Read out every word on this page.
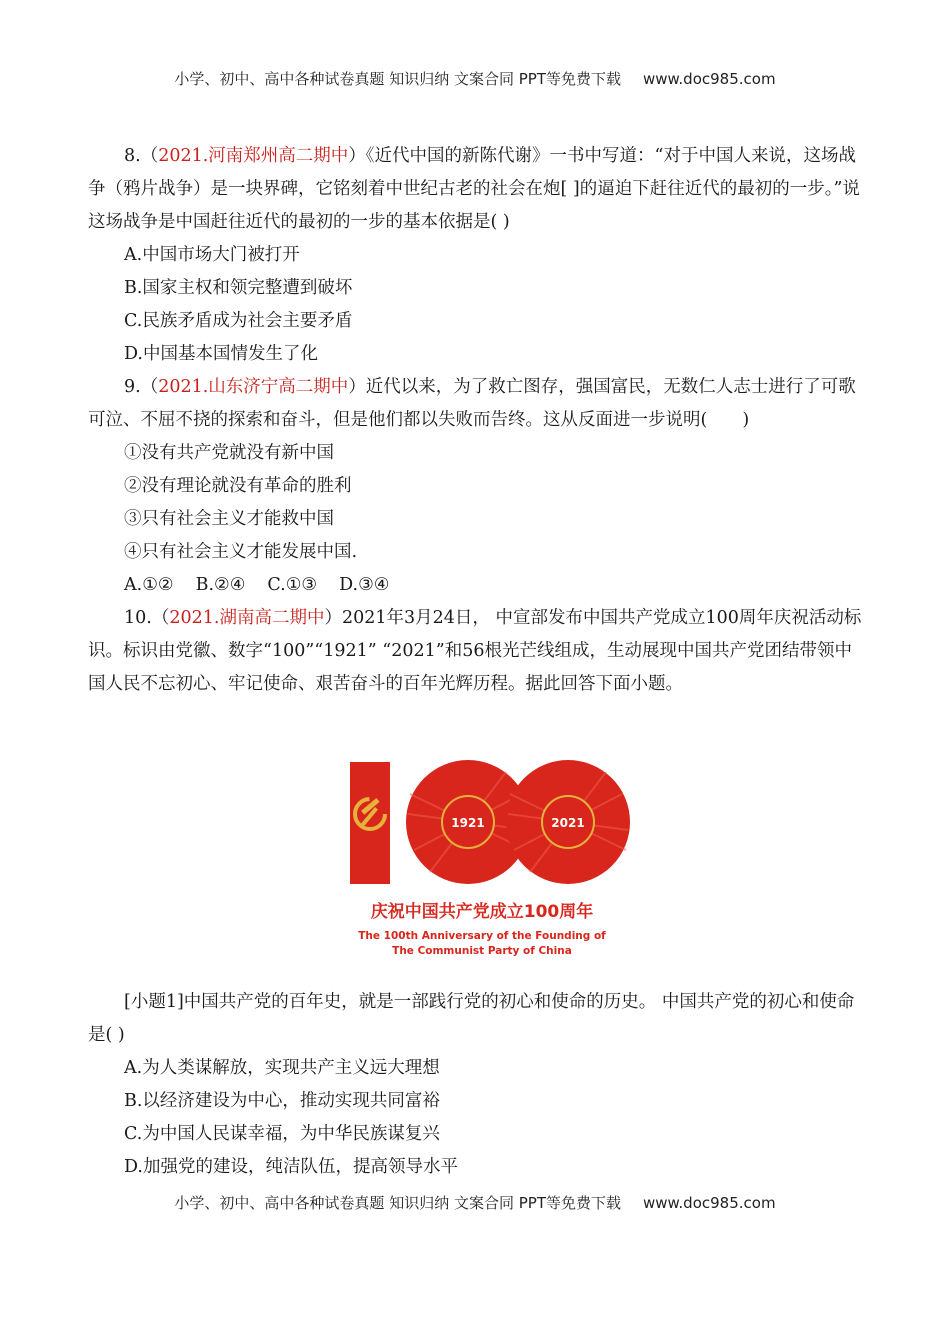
小学、初中、高中各种试卷真题 知识归纳 文案合同 PPT等免费下载 www.doc985.com

8.（2021.河南郑州高二期中）《近代中国的新陈代谢》一书中写道：“对于中国人来说，这场战争（鸦片战争）是一块界碑，它铭刻着中世纪古老的社会在炮[ ]的逼迫下赶往近代的最初的一步。”说这场战争是中国赶往近代的最初的一步的基本依据是( )

A.中国市场大门被打开

B.国家主权和领完整遭到破坏

C.民族矛盾成为社会主要矛盾

D.中国基本国情发生了化

9.（2021.山东济宁高二期中）近代以来，为了救亡图存，强国富民，无数仁人志士进行了可歌可泣、不屈不挠的探索和奋斗，但是他们都以失败而告终。这从反面进一步说明(　　)

①没有共产党就没有新中国

②没有理论就没有革命的胜利

③只有社会主义才能救中国

④只有社会主义才能发展中国.

A.①② B.②④ C.①③ D.③④

10.（2021.湖南高二期中）2021年3月24日， 中宣部发布中国共产党成立100周年庆祝活动标识。标识由党徽、数字“100”“1921” “2021”和56根光芒线组成，生动展现中国共产党团结带领中国人民不忘初心、牢记使命、艰苦奋斗的百年光辉历程。据此回答下面小题。

1921	2021
庆祝中国共产党成立100周年
The 100th Anniversary of the Founding of
The Communist Party of China

[小题1]中国共产党的百年史，就是一部践行党的初心和使命的历史。 中国共产党的初心和使命是( )

A.为人类谋解放，实现共产主义远大理想

B.以经济建设为中心，推动实现共同富裕

C.为中国人民谋幸福，为中华民族谋复兴

D.加强党的建设，纯洁队伍，提高领导水平

小学、初中、高中各种试卷真题 知识归纳 文案合同 PPT等免费下载 www.doc985.com
